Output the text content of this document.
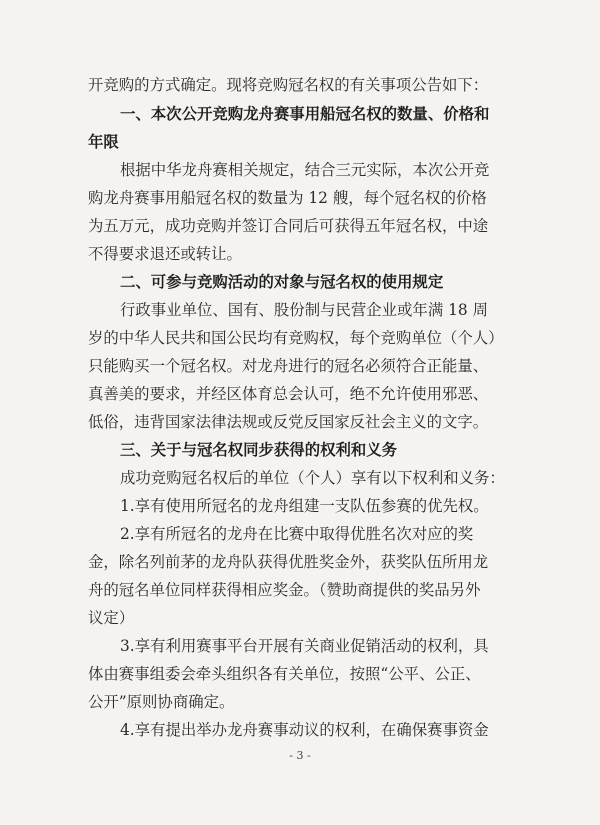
开竞购的方式确定。现将竞购冠名权的有关事项公告如下：
一、本次公开竞购龙舟赛事用船冠名权的数量、价格和
年限
根据中华龙舟赛相关规定，结合三元实际，本次公开竞
购龙舟赛事用船冠名权的数量为 12 艘，每个冠名权的价格
为五万元，成功竞购并签订合同后可获得五年冠名权，中途
不得要求退还或转让。
二、可参与竞购活动的对象与冠名权的使用规定
行政事业单位、国有、股份制与民营企业或年满 18 周
岁的中华人民共和国公民均有竞购权，每个竞购单位（个人）
只能购买一个冠名权。对龙舟进行的冠名必须符合正能量、
真善美的要求，并经区体育总会认可，绝不允许使用邪恶、
低俗，违背国家法律法规或反党反国家反社会主义的文字。
三、关于与冠名权同步获得的权利和义务
成功竞购冠名权后的单位（个人）享有以下权利和义务：
1.享有使用所冠名的龙舟组建一支队伍参赛的优先权。
2.享有所冠名的龙舟在比赛中取得优胜名次对应的奖
金，除名列前茅的龙舟队获得优胜奖金外，获奖队伍所用龙
舟的冠名单位同样获得相应奖金。（赞助商提供的奖品另外
议定）
3.享有利用赛事平台开展有关商业促销活动的权利，具
体由赛事组委会牵头组织各有关单位，按照“公平、公正、
公开”原则协商确定。
4.享有提出举办龙舟赛事动议的权利，在确保赛事资金
- 3 -
